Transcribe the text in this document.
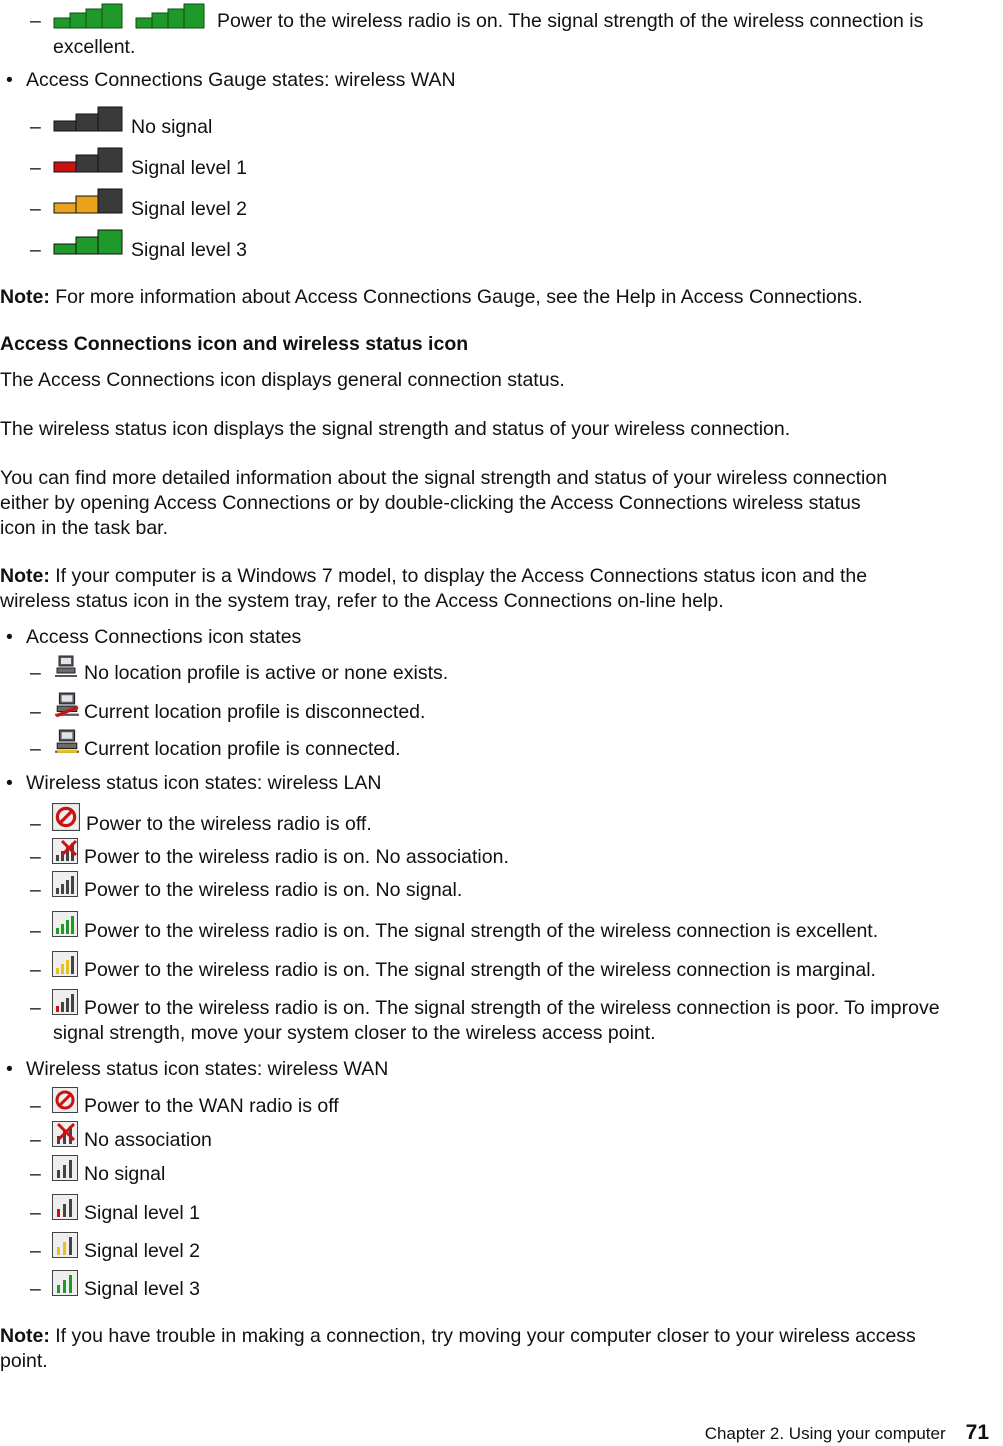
–	Power to the wireless radio is on. The signal strength of the wireless connection is
excellent.
• Access Connections Gauge states: wireless WAN
–	No signal
–	Signal level 1
–	Signal level 2
–	Signal level 3
Note: For more information about Access Connections Gauge, see the Help in Access Connections.
Access Connections icon and wireless status icon
The Access Connections icon displays general connection status.
The wireless status icon displays the signal strength and status of your wireless connection.
You can find more detailed information about the signal strength and status of your wireless connection
either by opening Access Connections or by double-clicking the Access Connections wireless status
icon in the task bar.
Note: If your computer is a Windows 7 model, to display the Access Connections status icon and the
wireless status icon in the system tray, refer to the Access Connections on-line help.
• Access Connections icon states
– No location profile is active or none exists.
– Current location profile is disconnected.
– Current location profile is connected.
• Wireless status icon states: wireless LAN
– Power to the wireless radio is off.
– Power to the wireless radio is on. No association.
– Power to the wireless radio is on. No signal.
– Power to the wireless radio is on. The signal strength of the wireless connection is excellent.
– Power to the wireless radio is on. The signal strength of the wireless connection is marginal.
– Power to the wireless radio is on. The signal strength of the wireless connection is poor. To improve
signal strength, move your system closer to the wireless access point.
• Wireless status icon states: wireless WAN
– Power to the WAN radio is off
– No association
– No signal
– Signal level 1
– Signal level 2
– Signal level 3
Note: If you have trouble in making a connection, try moving your computer closer to your wireless access
point.
Chapter 2. Using your computer 71
